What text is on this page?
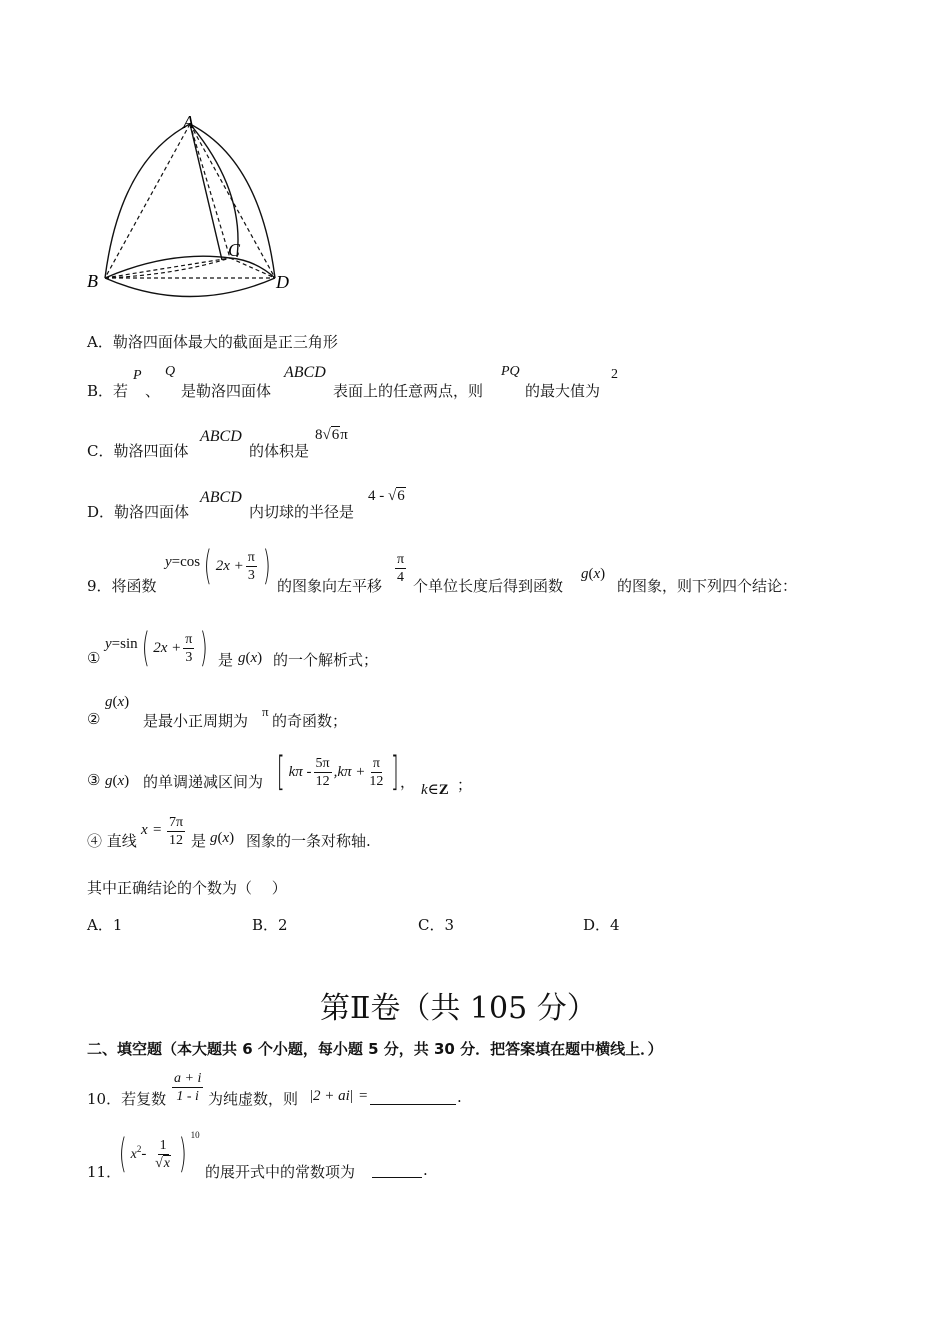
A
B
C
D
A．勒洛四面体最大的截面是正三角形
B．若
P
、
Q
是勒洛四面体
ABCD
表面上的任意两点，则
PQ
的最大值为
2
C．勒洛四面体
ABCD
的体积是
8√6π
D．勒洛四面体
ABCD
内切球的半径是
4 - √6
9．将函数
y=cos( $2x + \frac{\pi}{3}$ ) 的图象向左平移 $\frac{\pi}{4}$ 个单位长度后得到函数
g(x)
的图象，则下列四个结论：
①
y=sin( $2x + \frac{\pi}{3}$ ) 是 g(x) 的一个解析式；
②
g(x)
是最小正周期为
π
的奇函数；
③ g(x) 的单调递减区间为 [ $k\pi - \frac{5\pi}{12} ,k\pi + \frac{\pi}{12}$ ] ， k∈Z ；
④ 直线
$x = \frac{7\pi}{12}$ 是 g(x) 图象的一条对称轴.
其中正确结论的个数为（　 ）
A．1	B．2	C．3	D．4
第Ⅱ卷（共 105 分）
二、填空题（本大题共 6 个小题，每小题 5 分，共 30 分．把答案填在题中横线上．）
10．若复数 $\frac{a + i}{1 - i}$ 为纯虚数，则 |2 + ai| =	.
11．
( $x^2- \frac{1}{√x}$ ) $^{10}$
的展开式中的常数项为	.
